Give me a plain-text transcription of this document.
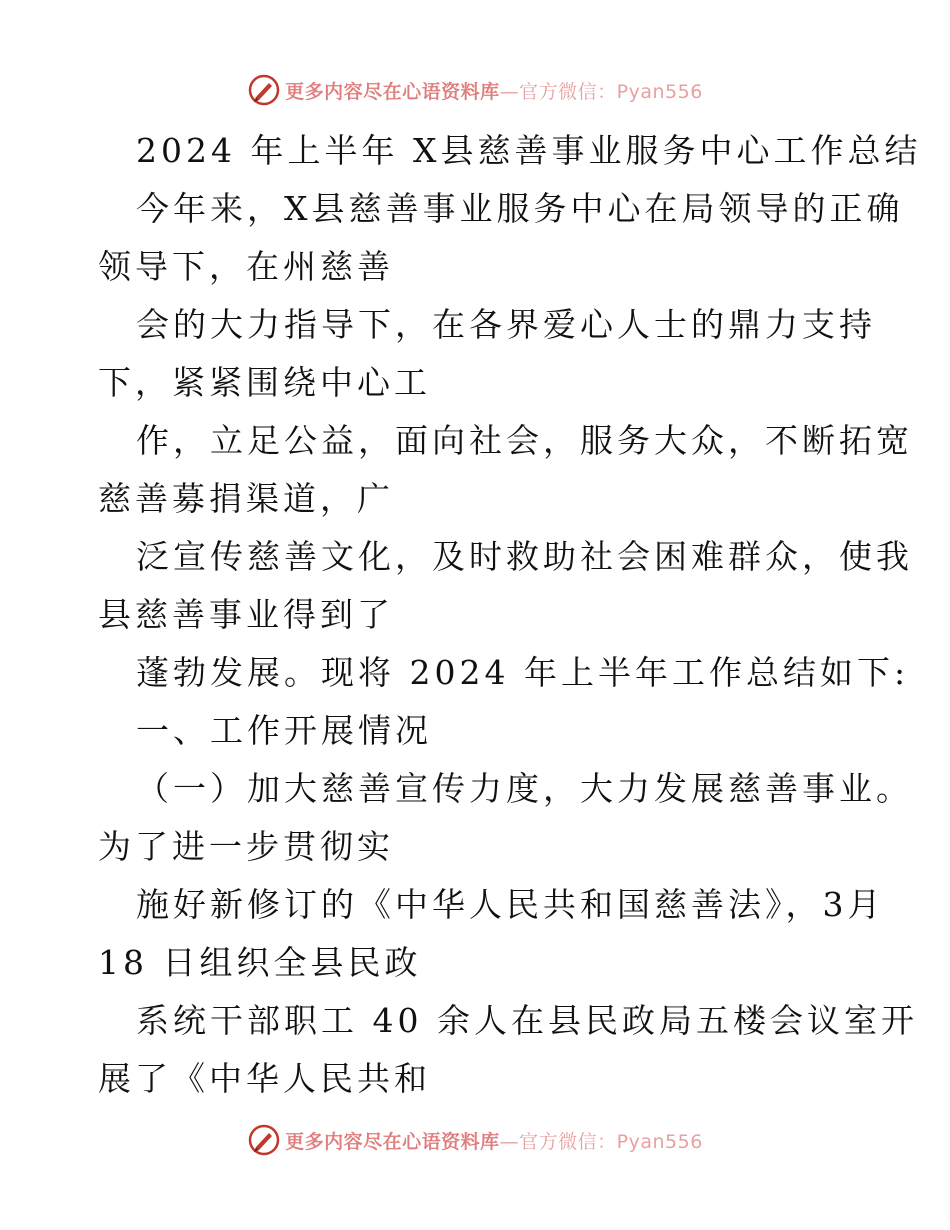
更多内容尽在心语资料库—官方微信：Pyan556
2024 年上半年 X县慈善事业服务中心工作总结
今年来，X县慈善事业服务中心在局领导的正确
领导下，在州慈善
会的大力指导下，在各界爱心人士的鼎力支持
下，紧紧围绕中心工
作，立足公益，面向社会，服务大众，不断拓宽
慈善募捐渠道，广
泛宣传慈善文化，及时救助社会困难群众，使我
县慈善事业得到了
蓬勃发展。现将 2024 年上半年工作总结如下:
一、工作开展情况
（一）加大慈善宣传力度，大力发展慈善事业。
为了进一步贯彻实
施好新修订的《中华人民共和国慈善法》，3月
18 日组织全县民政
系统干部职工 40 余人在县民政局五楼会议室开
展了《中华人民共和
更多内容尽在心语资料库—官方微信：Pyan556
